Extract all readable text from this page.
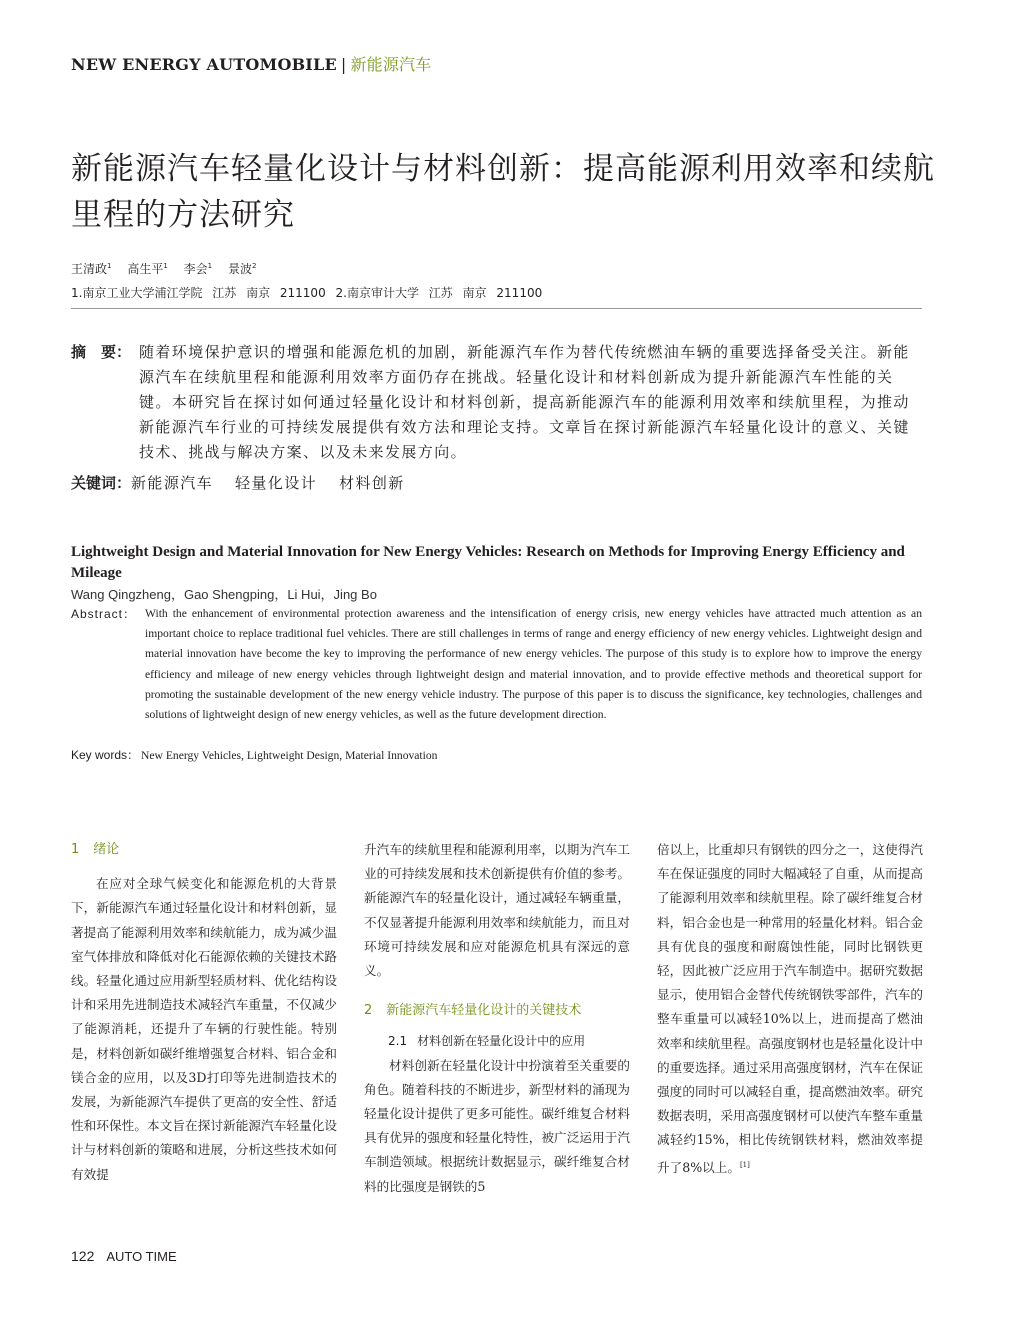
NEW ENERGY AUTOMOBILE | 新能源汽车
新能源汽车轻量化设计与材料创新：提高能源利用效率和续航里程的方法研究
王清政$^1$ 高生平$^1$ 李会$^1$ 景波$^2$
1.南京工业大学浦江学院 江苏 南京 211100 2.南京审计大学 江苏 南京 211100
摘　要： 随着环境保护意识的增强和能源危机的加剧，新能源汽车作为替代传统燃油车辆的重要选择备受关注。新能源汽车在续航里程和能源利用效率方面仍存在挑战。轻量化设计和材料创新成为提升新能源汽车性能的关键。本研究旨在探讨如何通过轻量化设计和材料创新，提高新能源汽车的能源利用效率和续航里程，为推动新能源汽车行业的可持续发展提供有效方法和理论支持。文章旨在探讨新能源汽车轻量化设计的意义、关键技术、挑战与解决方案、以及未来发展方向。
关键词：新能源汽车 轻量化设计 材料创新
Lightweight Design and Material Innovation for New Energy Vehicles: Research on Methods for Improving Energy Efficiency and Mileage
Wang Qingzheng，Gao Shengping，Li Hui，Jing Bo
Abstract： With the enhancement of environmental protection awareness and the intensification of energy crisis, new energy vehicles have attracted much attention as an important choice to replace traditional fuel vehicles. There are still challenges in terms of range and energy efficiency of new energy vehicles. Lightweight design and material innovation have become the key to improving the performance of new energy vehicles. The purpose of this study is to explore how to improve the energy efficiency and mileage of new energy vehicles through lightweight design and material innovation, and to provide effective methods and theoretical support for promoting the sustainable development of the new energy vehicle industry. The purpose of this paper is to discuss the significance, key technologies, challenges and solutions of lightweight design of new energy vehicles, as well as the future development direction.
Key words： New Energy Vehicles, Lightweight Design, Material Innovation
1 绪论
在应对全球气候变化和能源危机的大背景下，新能源汽车通过轻量化设计和材料创新，显著提高了能源利用效率和续航能力，成为减少温室气体排放和降低对化石能源依赖的关键技术路线。轻量化通过应用新型轻质材料、优化结构设计和采用先进制造技术减轻汽车重量，不仅减少了能源消耗，还提升了车辆的行驶性能。特别是，材料创新如碳纤维增强复合材料、铝合金和镁合金的应用，以及3D打印等先进制造技术的发展，为新能源汽车提供了更高的安全性、舒适性和环保性。本文旨在探讨新能源汽车轻量化设计与材料创新的策略和进展，分析这些技术如何有效提
升汽车的续航里程和能源利用率，以期为汽车工业的可持续发展和技术创新提供有价值的参考。新能源汽车的轻量化设计，通过减轻车辆重量，不仅显著提升能源利用效率和续航能力，而且对环境可持续发展和应对能源危机具有深远的意义。
2 新能源汽车轻量化设计的关键技术
2.1 材料创新在轻量化设计中的应用
材料创新在轻量化设计中扮演着至关重要的角色。随着科技的不断进步，新型材料的涌现为轻量化设计提供了更多可能性。碳纤维复合材料具有优异的强度和轻量化特性，被广泛运用于汽车制造领域。根据统计数据显示，碳纤维复合材料的比强度是钢铁的5
倍以上，比重却只有钢铁的四分之一，这使得汽车在保证强度的同时大幅减轻了自重，从而提高了能源利用效率和续航里程。除了碳纤维复合材料，铝合金也是一种常用的轻量化材料。铝合金具有优良的强度和耐腐蚀性能，同时比钢铁更轻，因此被广泛应用于汽车制造中。据研究数据显示，使用铝合金替代传统钢铁零部件，汽车的整车重量可以减轻10%以上，进而提高了燃油效率和续航里程。高强度钢材也是轻量化设计中的重要选择。通过采用高强度钢材，汽车在保证强度的同时可以减轻自重，提高燃油效率。研究数据表明，采用高强度钢材可以使汽车整车重量减轻约15%，相比传统钢铁材料，燃油效率提升了8%以上。[1]
122 AUTO TIME
